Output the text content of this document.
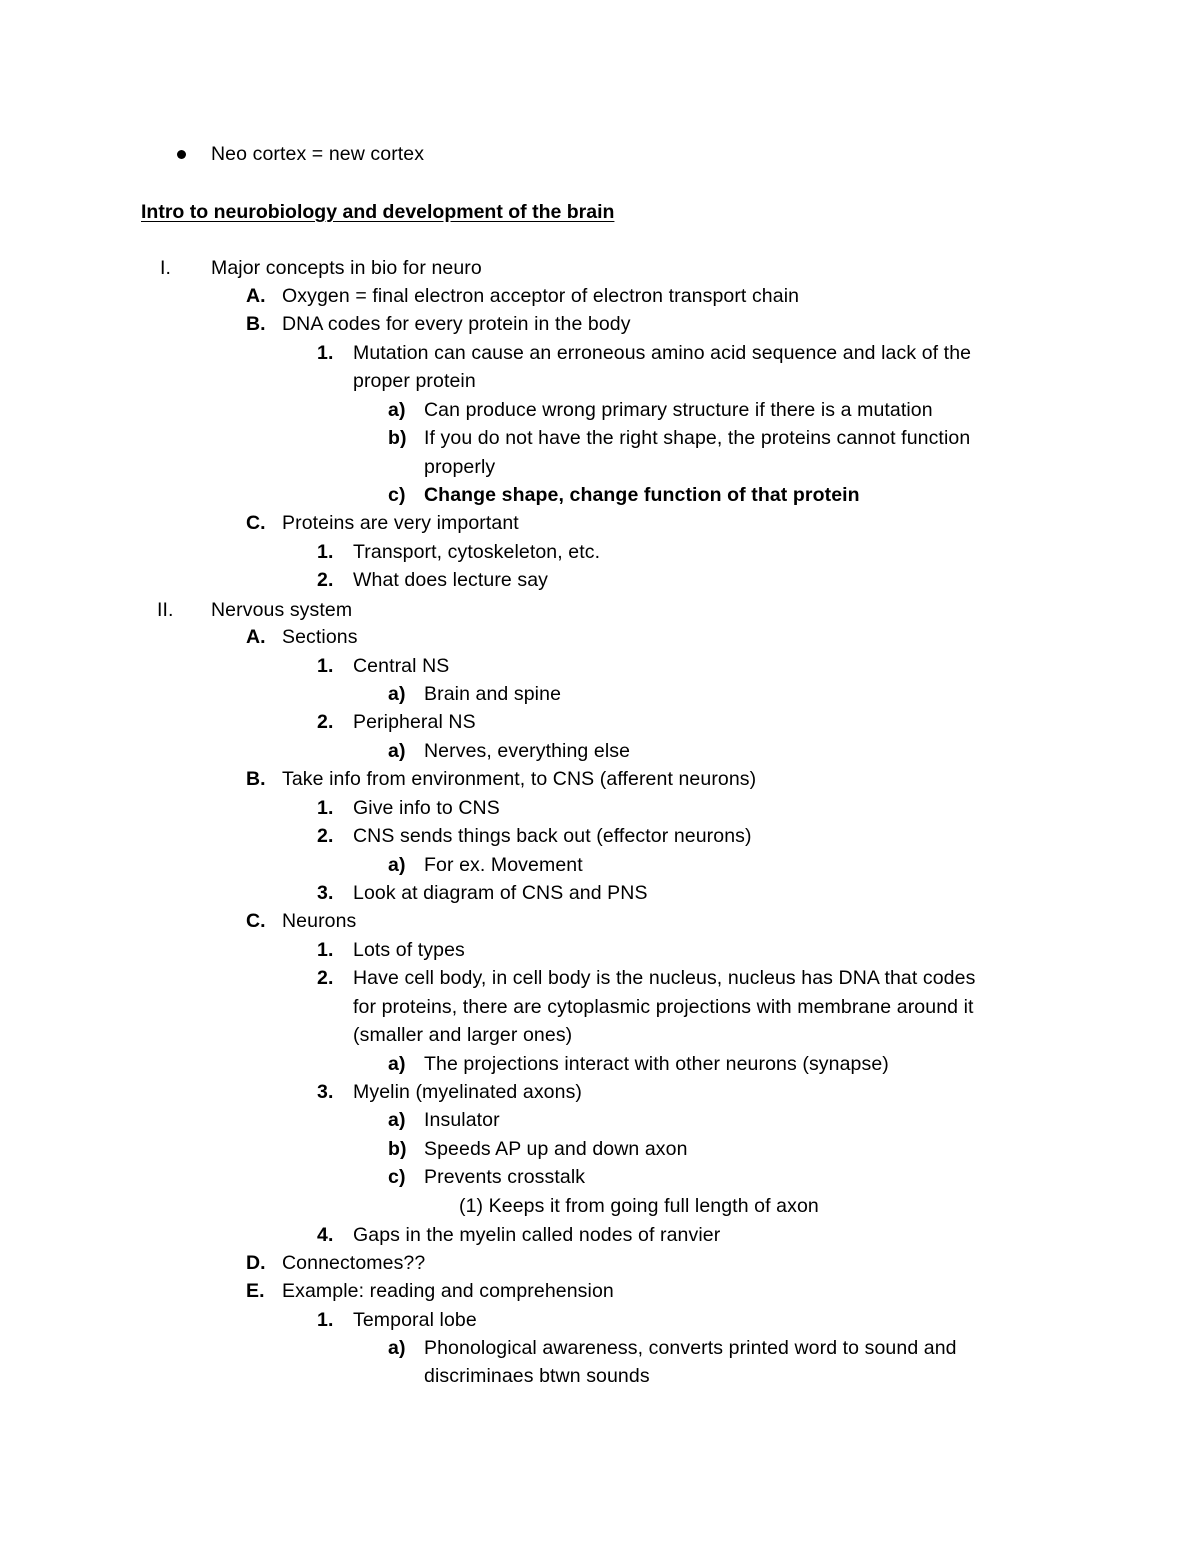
Neo cortex = new cortex
Intro to neurobiology and development of the brain
I. Major concepts in bio for neuro
A. Oxygen = final electron acceptor of electron transport chain
B. DNA codes for every protein in the body
1. Mutation can cause an erroneous amino acid sequence and lack of the
proper protein
a) Can produce wrong primary structure if there is a mutation
b) If you do not have the right shape, the proteins cannot function
properly
c) Change shape, change function of that protein
C. Proteins are very important
1. Transport, cytoskeleton, etc.
2. What does lecture say
II. Nervous system
A. Sections
1. Central NS
a) Brain and spine
2. Peripheral NS
a) Nerves, everything else
B. Take info from environment, to CNS (afferent neurons)
1. Give info to CNS
2. CNS sends things back out (effector neurons)
a) For ex. Movement
3. Look at diagram of CNS and PNS
C. Neurons
1. Lots of types
2. Have cell body, in cell body is the nucleus, nucleus has DNA that codes
for proteins, there are cytoplasmic projections with membrane around it
(smaller and larger ones)
a) The projections interact with other neurons (synapse)
3. Myelin (myelinated axons)
a) Insulator
b) Speeds AP up and down axon
c) Prevents crosstalk
(1) Keeps it from going full length of axon
4. Gaps in the myelin called nodes of ranvier
D. Connectomes??
E. Example: reading and comprehension
1. Temporal lobe
a) Phonological awareness, converts printed word to sound and
discriminaes btwn sounds
